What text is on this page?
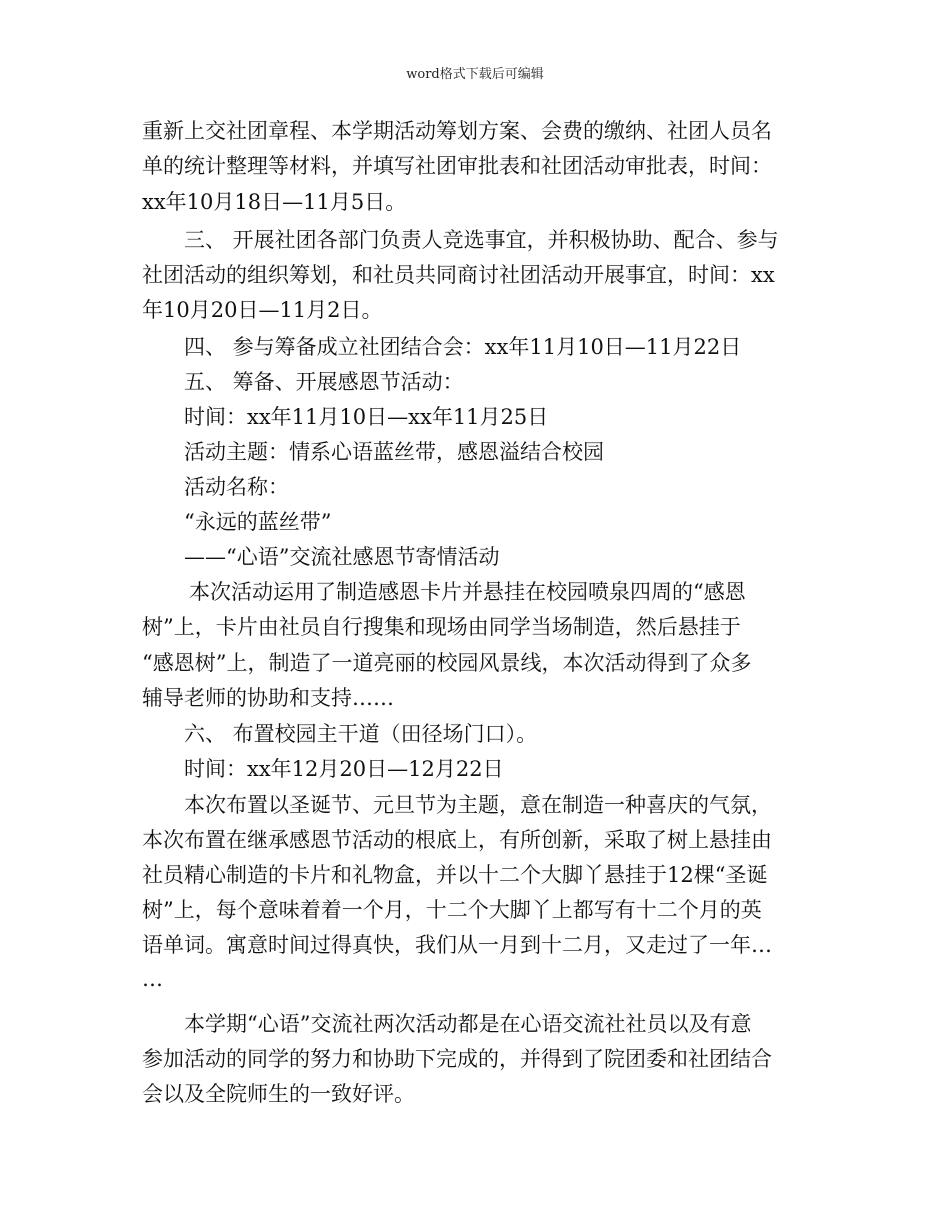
word格式下载后可编辑
重新上交社团章程、本学期活动筹划方案、会费的缴纳、社团人员名
单的统计整理等材料，并填写社团审批表和社团活动审批表，时间：
xx年10月18日—11月5日。
三、 开展社团各部门负责人竞选事宜，并积极协助、配合、参与
社团活动的组织筹划，和社员共同商讨社团活动开展事宜，时间：xx
年10月20日—11月2日。
四、 参与筹备成立社团结合会：xx年11月10日—11月22日
五、 筹备、开展感恩节活动：
时间：xx年11月10日—xx年11月25日
活动主题：情系心语蓝丝带，感恩溢结合校园
活动名称：
“永远的蓝丝带”
——“心语”交流社感恩节寄情活动
本次活动运用了制造感恩卡片并悬挂在校园喷泉四周的“感恩
树”上，卡片由社员自行搜集和现场由同学当场制造，然后悬挂于
“感恩树”上，制造了一道亮丽的校园风景线，本次活动得到了众多
辅导老师的协助和支持……
六、 布置校园主干道（田径场门口）。
时间：xx年12月20日—12月22日
本次布置以圣诞节、元旦节为主题，意在制造一种喜庆的气氛，
本次布置在继承感恩节活动的根底上，有所创新，采取了树上悬挂由
社员精心制造的卡片和礼物盒，并以十二个大脚丫悬挂于12棵“圣诞
树”上，每个意味着着一个月，十二个大脚丫上都写有十二个月的英
语单词。寓意时间过得真快，我们从一月到十二月，又走过了一年…
…
本学期“心语”交流社两次活动都是在心语交流社社员以及有意
参加活动的同学的努力和协助下完成的，并得到了院团委和社团结合
会以及全院师生的一致好评。
